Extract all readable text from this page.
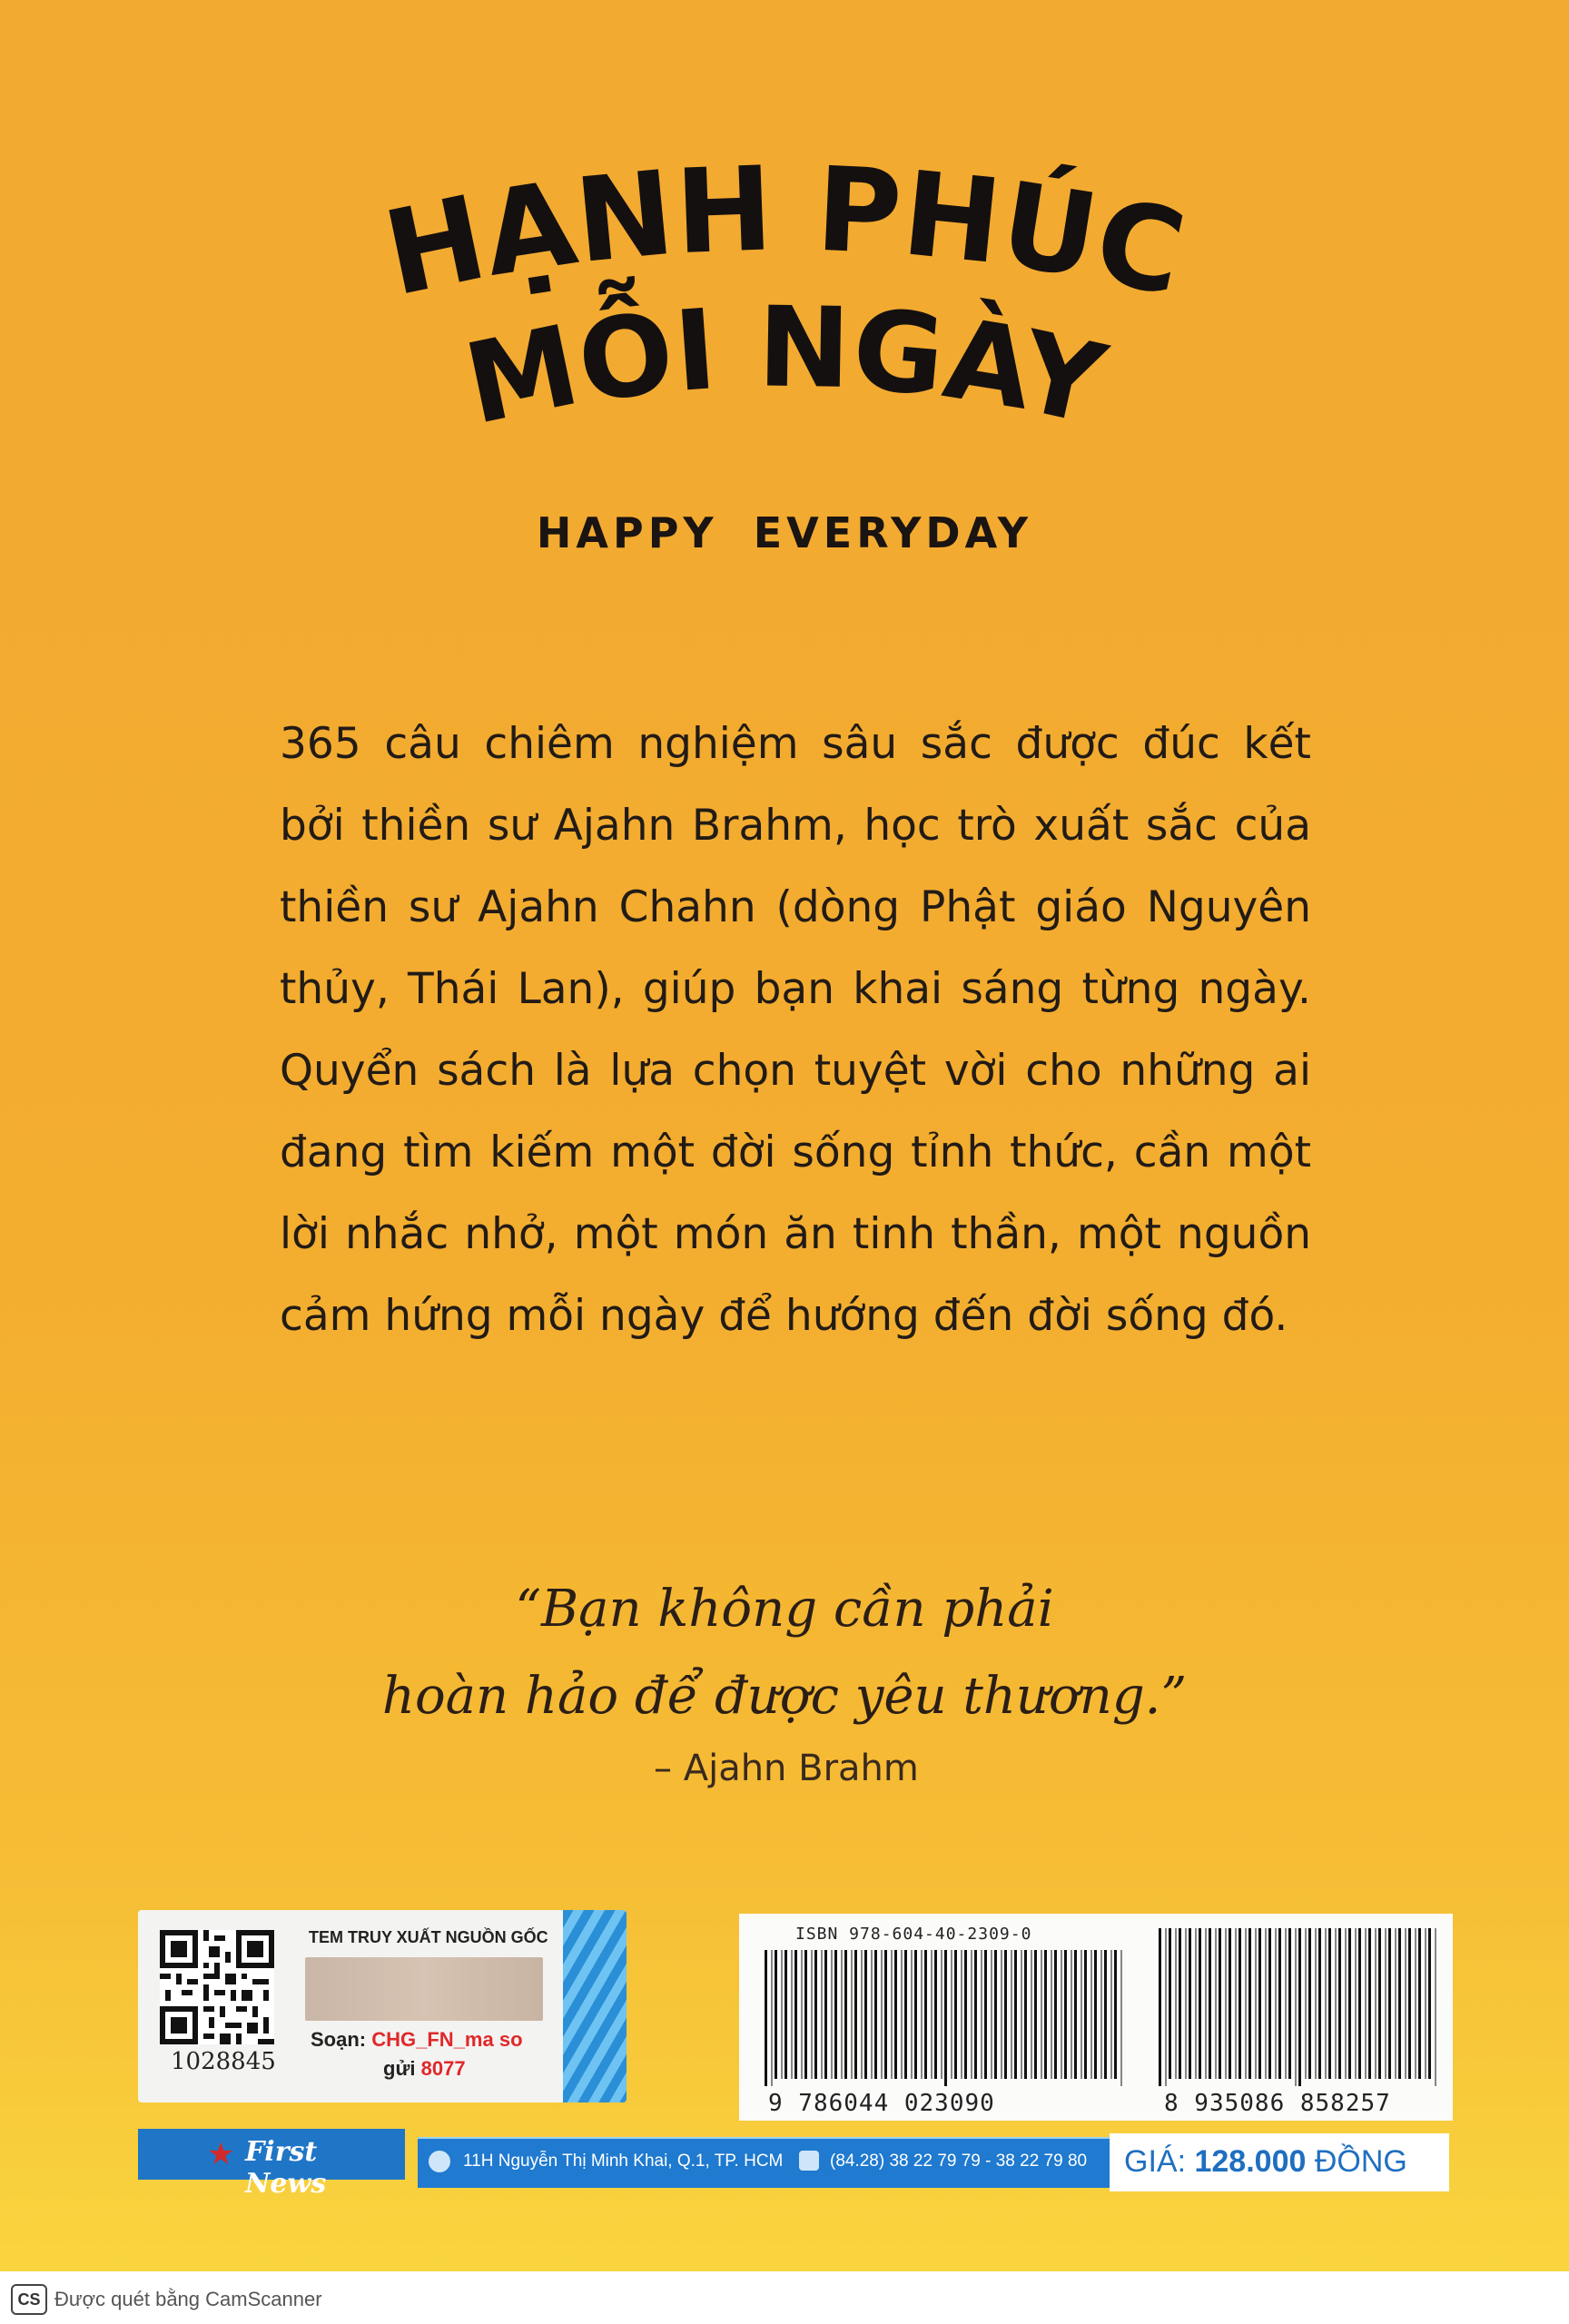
HẠNH PHÚC
MỖI NGÀY
HAPPY EVERYDAY
365 câu chiêm nghiệm sâu sắc được đúc kết bởi thiền sư Ajahn Brahm, học trò xuất sắc của thiền sư Ajahn Chahn (dòng Phật giáo Nguyên thủy, Thái Lan), giúp bạn khai sáng từng ngày. Quyển sách là lựa chọn tuyệt vời cho những ai đang tìm kiếm một đời sống tỉnh thức, cần một lời nhắc nhở, một món ăn tinh thần, một nguồn cảm hứng mỗi ngày để hướng đến đời sống đó.
“Bạn không cần phải
hoàn hảo để được yêu thương.”
– Ajahn Brahm
1028845
TEM TRUY XUẤT NGUỒN GỐC
Soạn: CHG_FN_ma so
gửi 8077
ISBN 978-604-40-2309-0
9 786044 023090	8 935086 858257
★ First News
11H Nguyễn Thị Minh Khai, Q.1, TP. HCM	(84.28) 38 22 79 79 - 38 22 79 80 GIÁ: 128.000 ĐỒNG
CS Được quét bằng CamScanner
